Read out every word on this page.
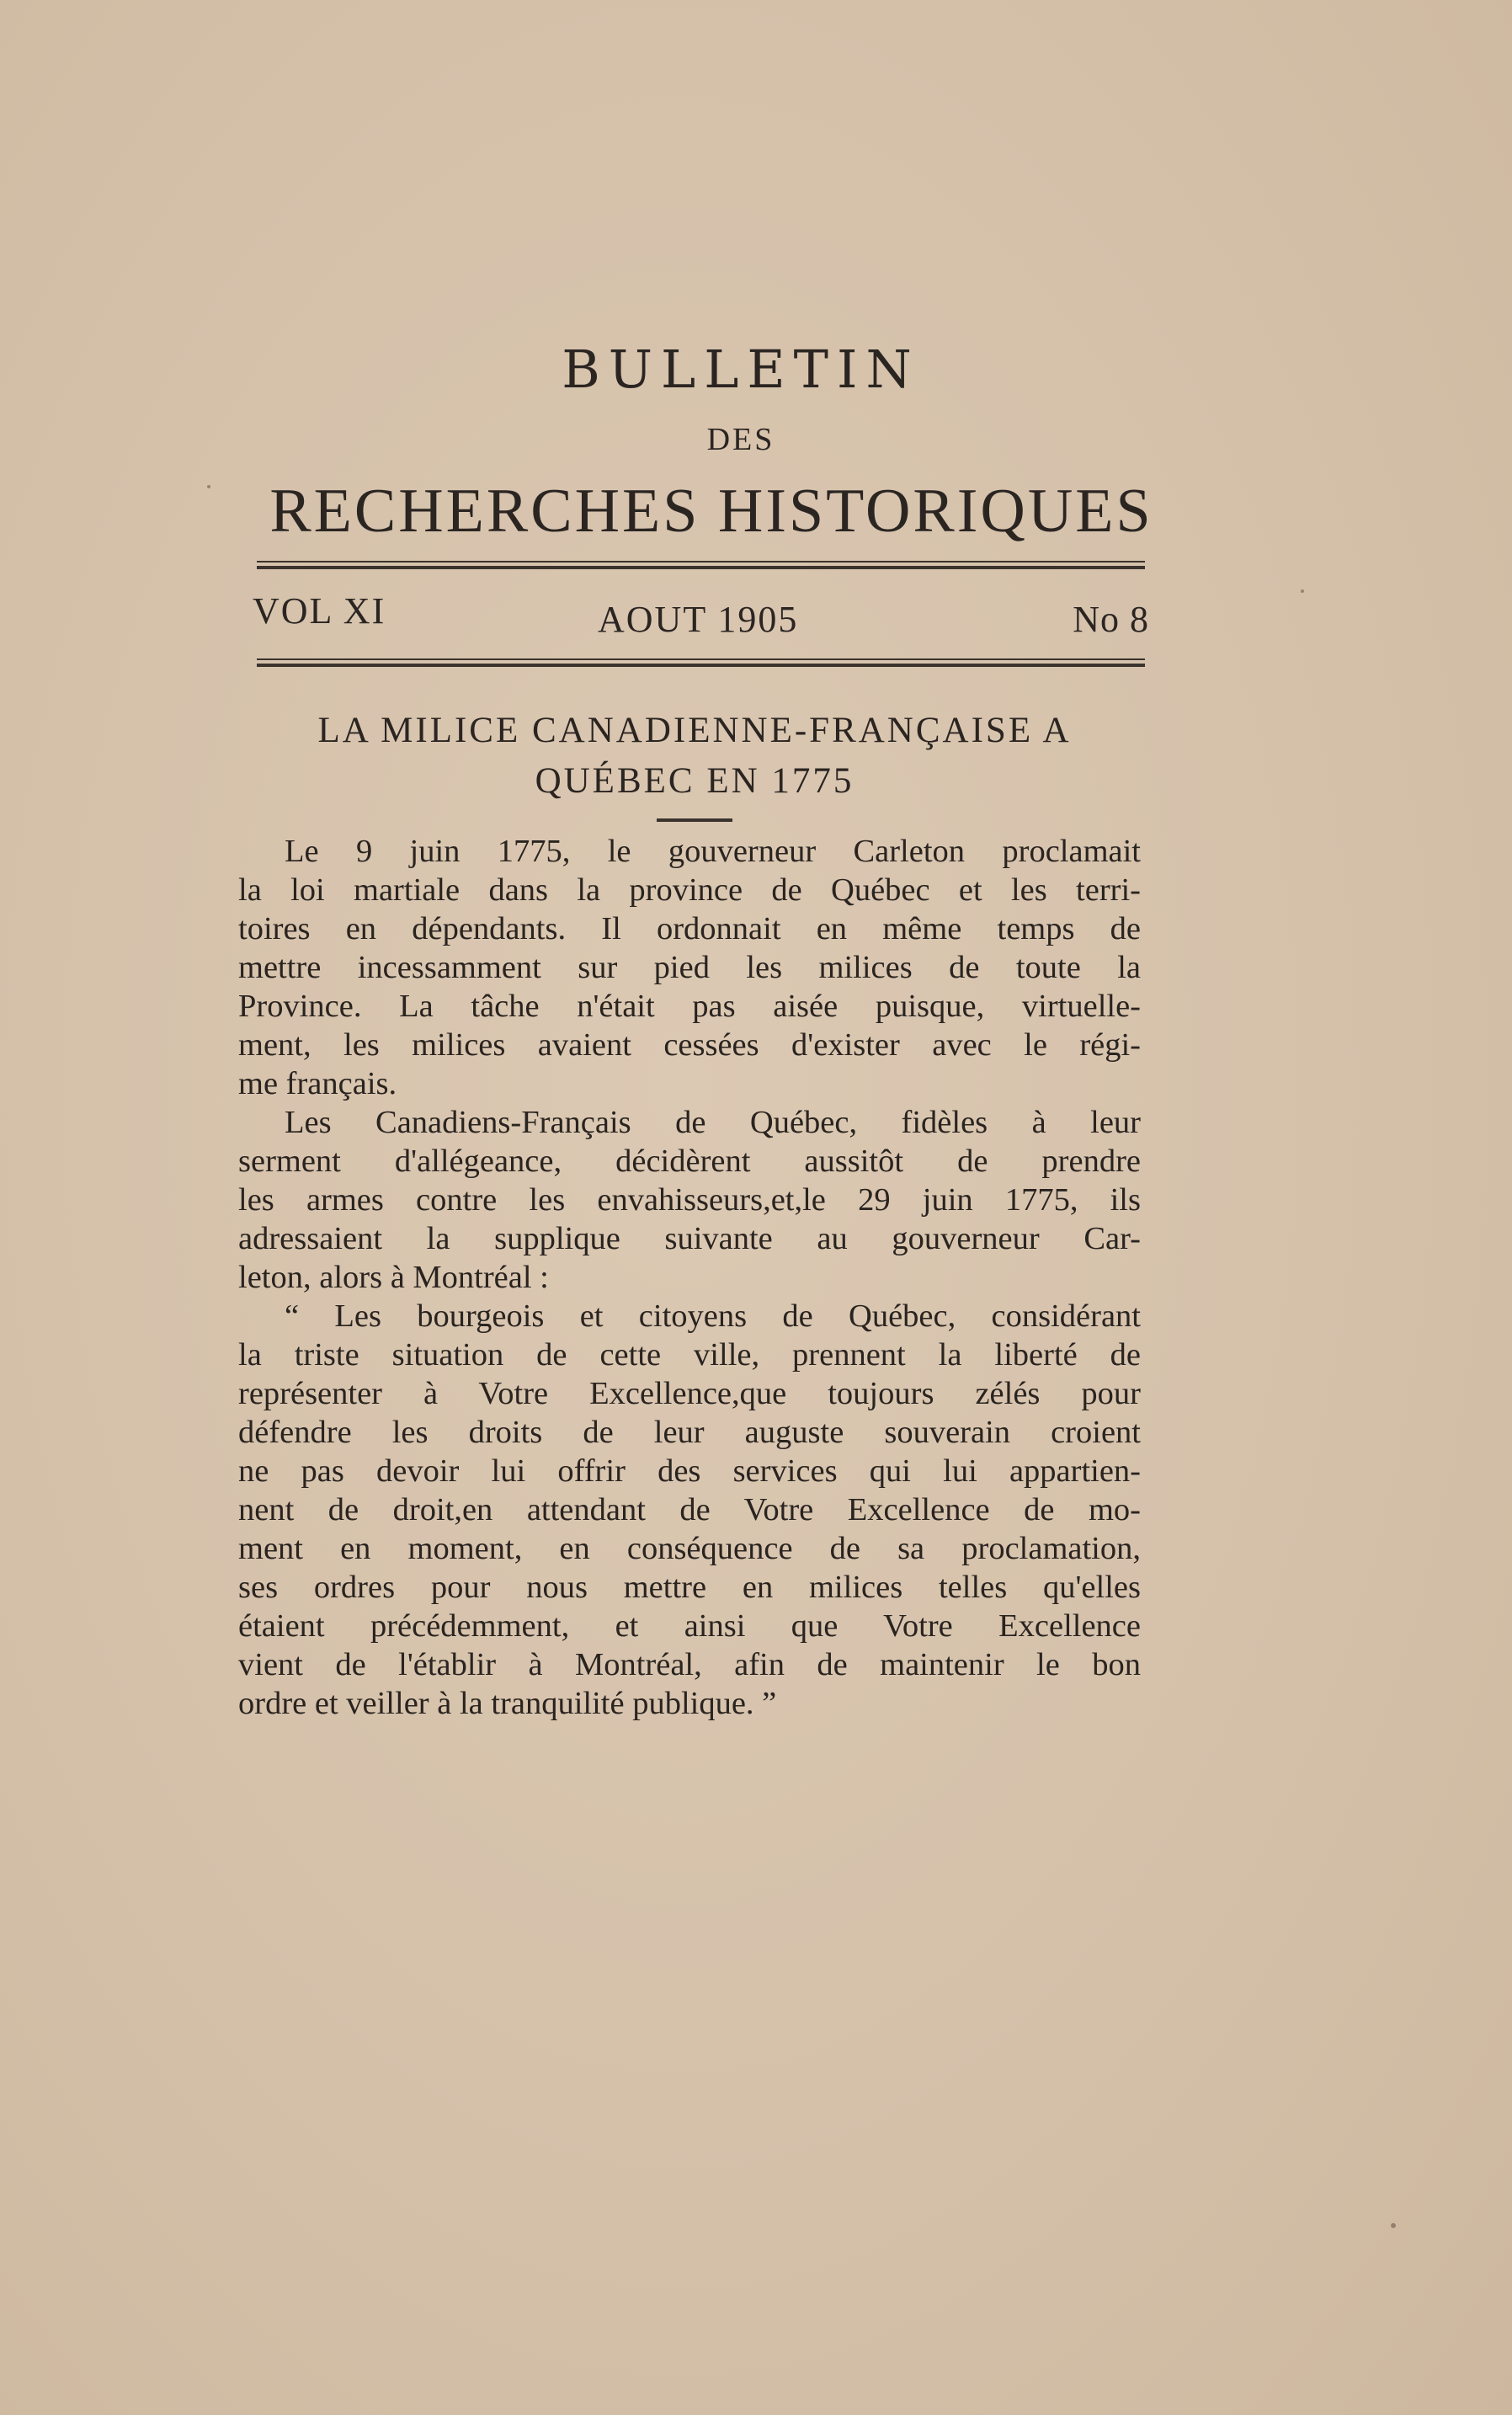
BULLETIN
DES
RECHERCHES HISTORIQUES
VOL XI	AOUT 1905	No 8
LA MILICE CANADIENNE-FRANÇAISE A
QUÉBEC EN 1775
Le 9 juin 1775, le gouverneur Carleton proclamait
la loi martiale dans la province de Québec et les terri-
toires en dépendants. Il ordonnait en même temps de
mettre incessamment sur pied les milices de toute la
Province. La tâche n'était pas aisée puisque, virtuelle-
ment, les milices avaient cessées d'exister avec le régi-
me français.
Les Canadiens-Français de Québec, fidèles à leur
serment d'allégeance, décidèrent aussitôt de prendre
les armes contre les envahisseurs,et,le 29 juin 1775, ils
adressaient la supplique suivante au gouverneur Car-
leton, alors à Montréal :
“ Les bourgeois et citoyens de Québec, considérant
la triste situation de cette ville, prennent la liberté de
représenter à Votre Excellence,que toujours zélés pour
défendre les droits de leur auguste souverain croient
ne pas devoir lui offrir des services qui lui appartien-
nent de droit,en attendant de Votre Excellence de mo-
ment en moment, en conséquence de sa proclamation,
ses ordres pour nous mettre en milices telles qu'elles
étaient précédemment, et ainsi que Votre Excellence
vient de l'établir à Montréal, afin de maintenir le bon
ordre et veiller à la tranquilité publique. ”
